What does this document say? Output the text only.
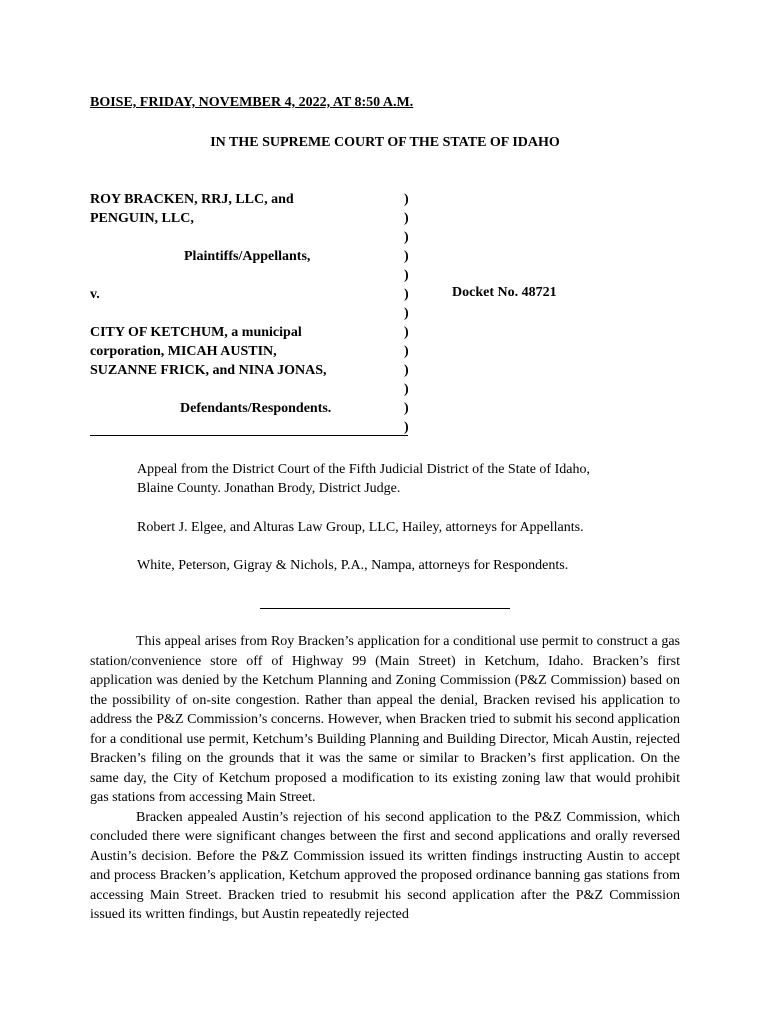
BOISE, FRIDAY, NOVEMBER 4, 2022, AT 8:50 A.M.
IN THE SUPREME COURT OF THE STATE OF IDAHO
ROY BRACKEN, RRJ, LLC, and
PENGUIN, LLC,
Plaintiffs/Appellants,
v.
CITY OF KETCHUM, a municipal
corporation, MICAH AUSTIN,
SUZANNE FRICK, and NINA JONAS,
Defendants/Respondents.
)
)
)
)
)
)
)
)
)
)
)
)
)
Docket No. 48721
Appeal from the District Court of the Fifth Judicial District of the State of Idaho,
Blaine County. Jonathan Brody, District Judge.
Robert J. Elgee, and Alturas Law Group, LLC, Hailey, attorneys for Appellants.
White, Peterson, Gigray & Nichols, P.A., Nampa, attorneys for Respondents.

This appeal arises from Roy Bracken’s application for a conditional use permit to construct a gas station/convenience store off of Highway 99 (Main Street) in Ketchum, Idaho. Bracken’s first application was denied by the Ketchum Planning and Zoning Commission (P&Z Commission) based on the possibility of on-site congestion. Rather than appeal the denial, Bracken revised his application to address the P&Z Commission’s concerns. However, when Bracken tried to submit his second application for a conditional use permit, Ketchum’s Building Planning and Building Director, Micah Austin, rejected Bracken’s filing on the grounds that it was the same or similar to Bracken’s first application. On the same day, the City of Ketchum proposed a modification to its existing zoning law that would prohibit gas stations from accessing Main Street.

Bracken appealed Austin’s rejection of his second application to the P&Z Commission, which concluded there were significant changes between the first and second applications and orally reversed Austin’s decision. Before the P&Z Commission issued its written findings instructing Austin to accept and process Bracken’s application, Ketchum approved the proposed ordinance banning gas stations from accessing Main Street. Bracken tried to resubmit his second application after the P&Z Commission issued its written findings, but Austin repeatedly rejected
